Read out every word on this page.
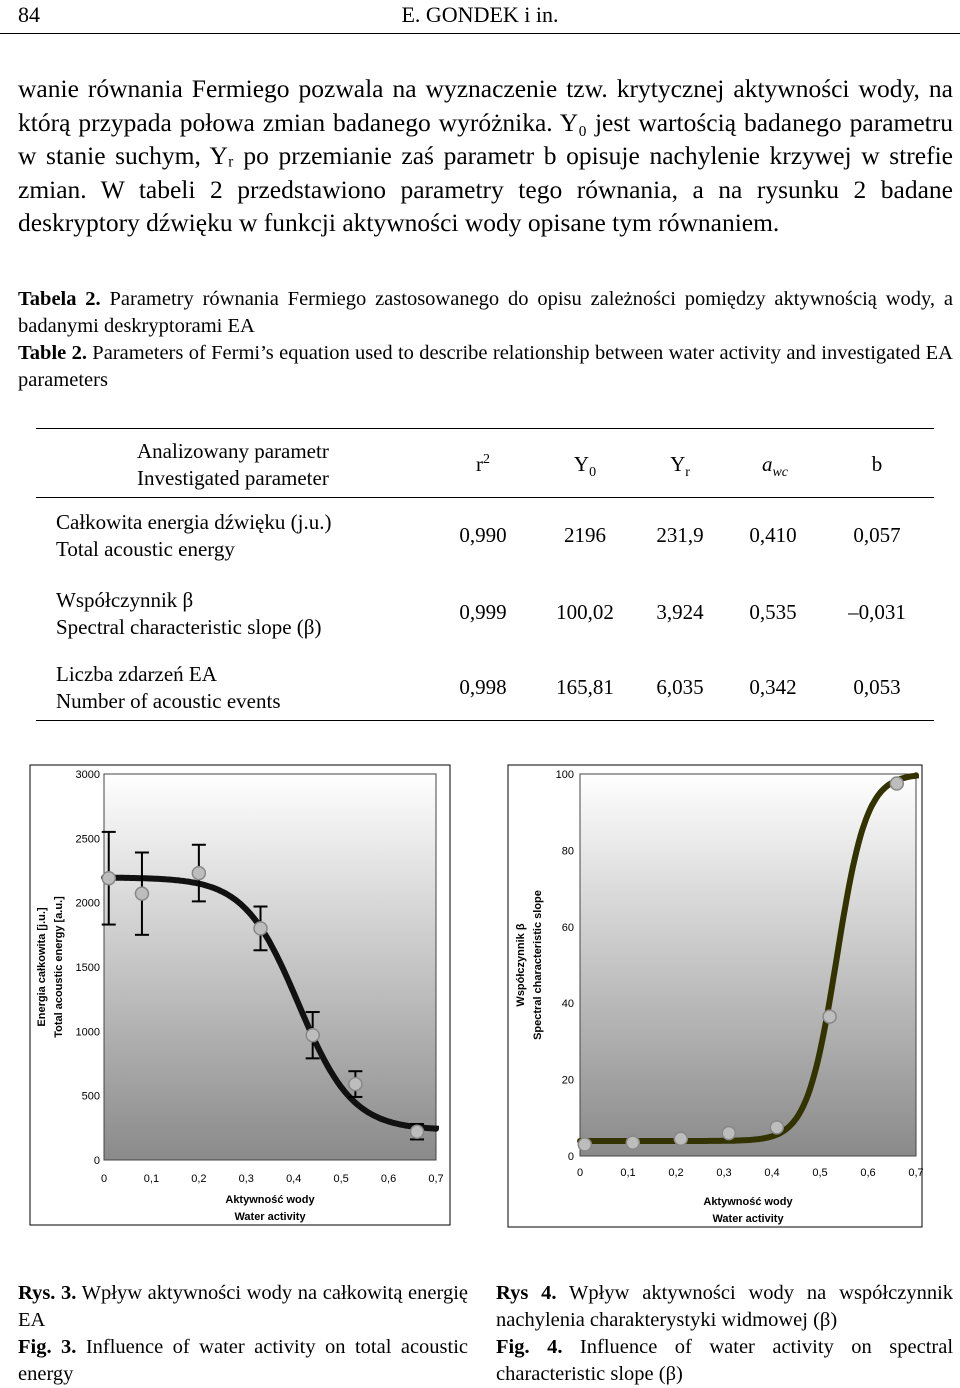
84	E. GONDEK i in.
wanie równania Fermiego pozwala na wyznaczenie tzw. krytycznej aktywności wody, na którą przypada połowa zmian badanego wyróżnika. Y₀ jest wartością badanego parametru w stanie suchym, Yᵣ po przemianie zaś parametr b opisuje nachylenie krzywej w strefie zmian. W tabeli 2 przedstawiono parametry tego równania, a na rysunku 2 badane deskryptory dźwięku w funkcji aktywności wody opisane tym równaniem.
Tabela 2. Parametry równania Fermiego zastosowanego do opisu zależności pomiędzy aktywnością wody, a badanymi deskryptorami EA
Table 2. Parameters of Fermi’s equation used to describe relationship between water activity and investigated EA parameters
Analizowany parametr
Investigated parameter
$r^2$	$Y_0$	$Y_r$	$a_{wc}$	b
Całkowita energia dźwięku (j.u.)
Total acoustic energy
0,990	2196	231,9	0,410	0,057
Współczynnik β
Spectral characteristic slope (β)
0,999	100,02	3,924	0,535	–0,031
Liczba zdarzeń EA
Number of acoustic events
0,998	165,81	6,035	0,342	0,053
0
500
1000
1500
2000
2500
3000
0	0,1	0,2	0,3	0,4	0,5	0,6	0,7
Aktywność wody
Water activity
Energia całkowita [j.u.] Total acoustic energy [a.u.]
0
20
40
60
80
100
0	0,1	0,2	0,3	0,4	0,5	0,6	0,7
Aktywność wody
Water activity
Współczynnik β Spectral characteristic slope
Rys. 3. Wpływ aktywności wody na całkowitą energię EA
Fig. 3. Influence of water activity on total acoustic energy
Rys 4. Wpływ aktywności wody na współczynnik nachylenia charakterystyki widmowej (β)
Fig. 4. Influence of water activity on spectral characteristic slope (β)
